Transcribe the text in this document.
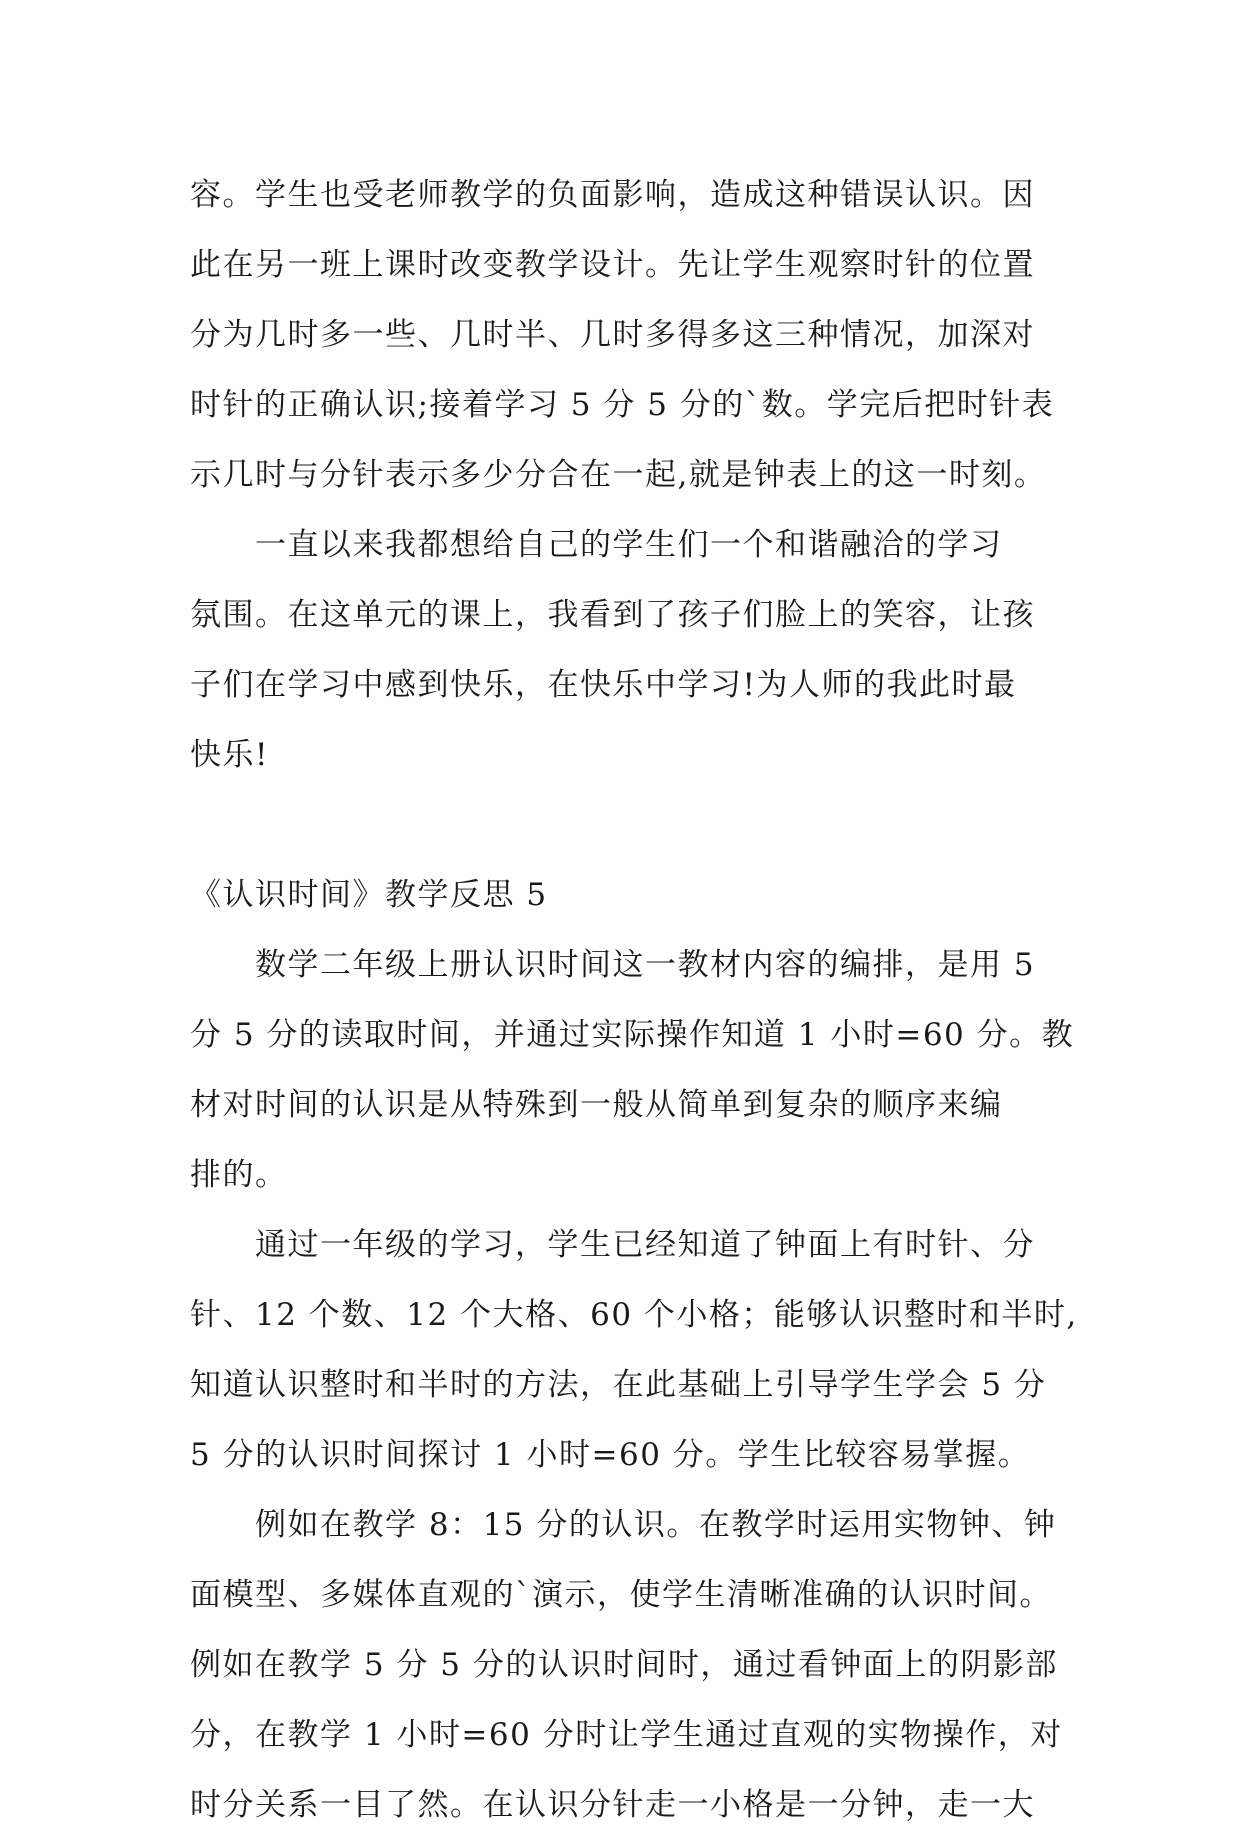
容。学生也受老师教学的负面影响，造成这种错误认识。因
此在另一班上课时改变教学设计。先让学生观察时针的位置
分为几时多一些、几时半、几时多得多这三种情况，加深对
时针的正确认识;接着学习 5 分 5 分的`数。学完后把时针表
示几时与分针表示多少分合在一起,就是钟表上的这一时刻。
　　一直以来我都想给自己的学生们一个和谐融洽的学习
氛围。在这单元的课上，我看到了孩子们脸上的笑容，让孩
子们在学习中感到快乐，在快乐中学习!为人师的我此时最
快乐!
《认识时间》教学反思 5
　　数学二年级上册认识时间这一教材内容的编排，是用 5
分 5 分的读取时间，并通过实际操作知道 1 小时=60 分。教
材对时间的认识是从特殊到一般从简单到复杂的顺序来编
排的。
　　通过一年级的学习，学生已经知道了钟面上有时针、分
针、12 个数、12 个大格、60 个小格；能够认识整时和半时,
知道认识整时和半时的方法，在此基础上引导学生学会 5 分
5 分的认识时间探讨 1 小时=60 分。学生比较容易掌握。
　　例如在教学 8：15 分的认识。在教学时运用实物钟、钟
面模型、多媒体直观的`演示，使学生清晰准确的认识时间。
例如在教学 5 分 5 分的认识时间时，通过看钟面上的阴影部
分，在教学 1 小时=60 分时让学生通过直观的实物操作，对
时分关系一目了然。在认识分针走一小格是一分钟，走一大
